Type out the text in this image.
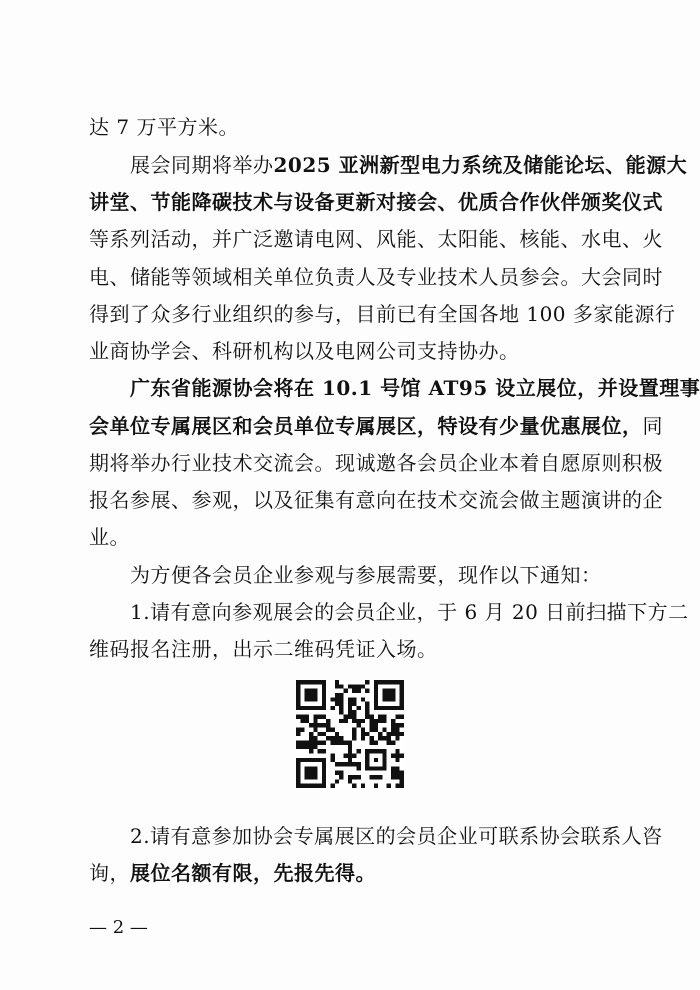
达 7 万平方米。
　　展会同期将举办2025 亚洲新型电力系统及储能论坛、能源大
讲堂、节能降碳技术与设备更新对接会、优质合作伙伴颁奖仪式
等系列活动，并广泛邀请电网、风能、太阳能、核能、水电、火
电、储能等领域相关单位负责人及专业技术人员参会。大会同时
得到了众多行业组织的参与，目前已有全国各地 100 多家能源行
业商协学会、科研机构以及电网公司支持协办。
　　广东省能源协会将在 10.1 号馆 AT95 设立展位，并设置理事
会单位专属展区和会员单位专属展区，特设有少量优惠展位，同
期将举办行业技术交流会。现诚邀各会员企业本着自愿原则积极
报名参展、参观，以及征集有意向在技术交流会做主题演讲的企
业。
　　为方便各会员企业参观与参展需要，现作以下通知：
　　1.请有意向参观展会的会员企业，于 6 月 20 日前扫描下方二
维码报名注册，出示二维码凭证入场。
　　2.请有意参加协会专属展区的会员企业可联系协会联系人咨
询，展位名额有限，先报先得。
— 2 —
